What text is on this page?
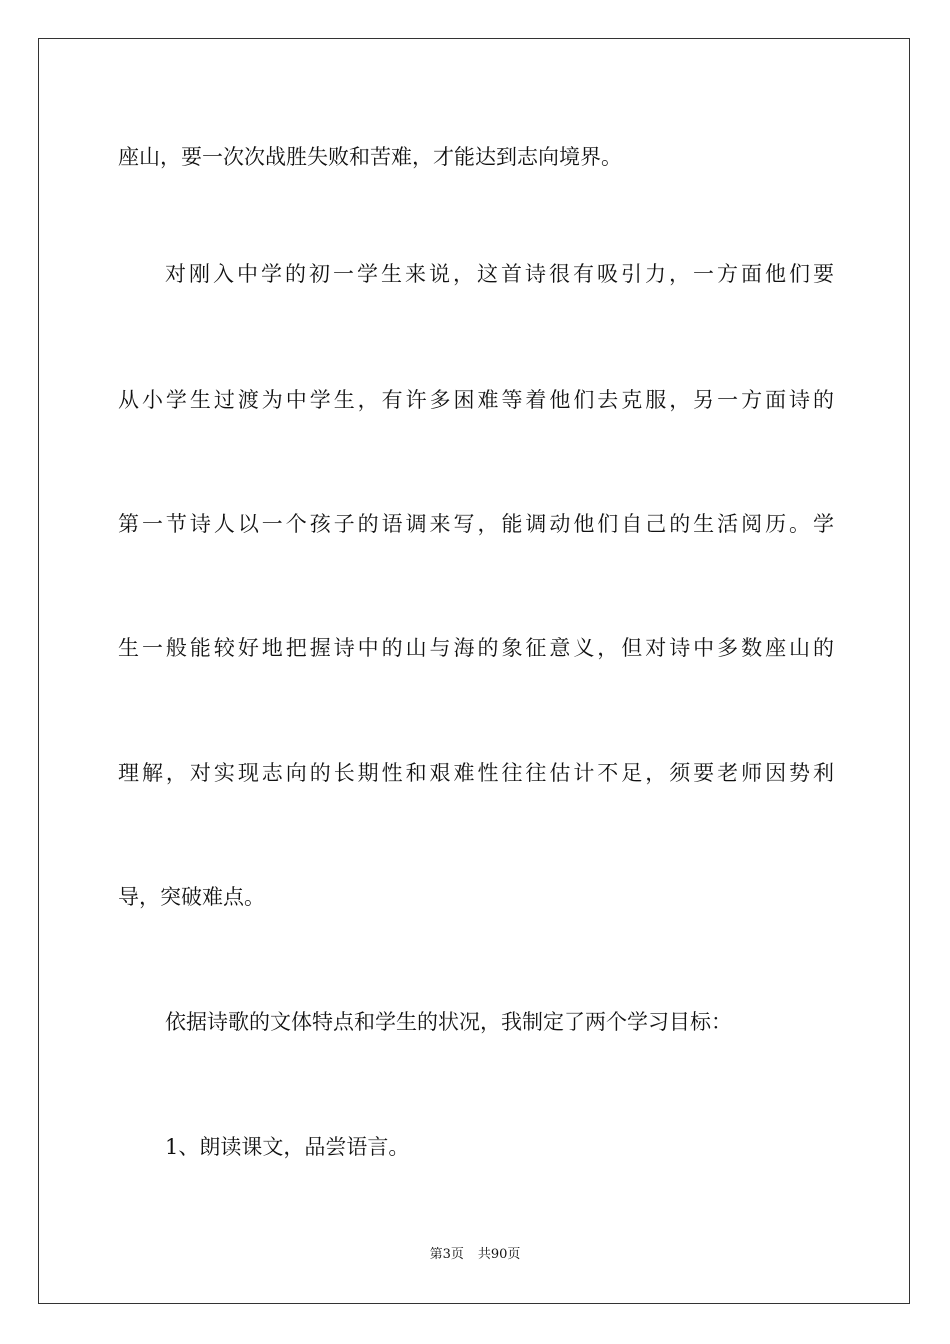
座山，要一次次战胜失败和苦难，才能达到志向境界。
对刚入中学的初一学生来说，这首诗很有吸引力，一方面他们要
从小学生过渡为中学生，有许多困难等着他们去克服，另一方面诗的
第一节诗人以一个孩子的语调来写，能调动他们自己的生活阅历。学
生一般能较好地把握诗中的山与海的象征意义，但对诗中多数座山的
理解，对实现志向的长期性和艰难性往往估计不足，须要老师因势利
导，突破难点。
依据诗歌的文体特点和学生的状况，我制定了两个学习目标：
1、朗读课文，品尝语言。
第3页 共90页
